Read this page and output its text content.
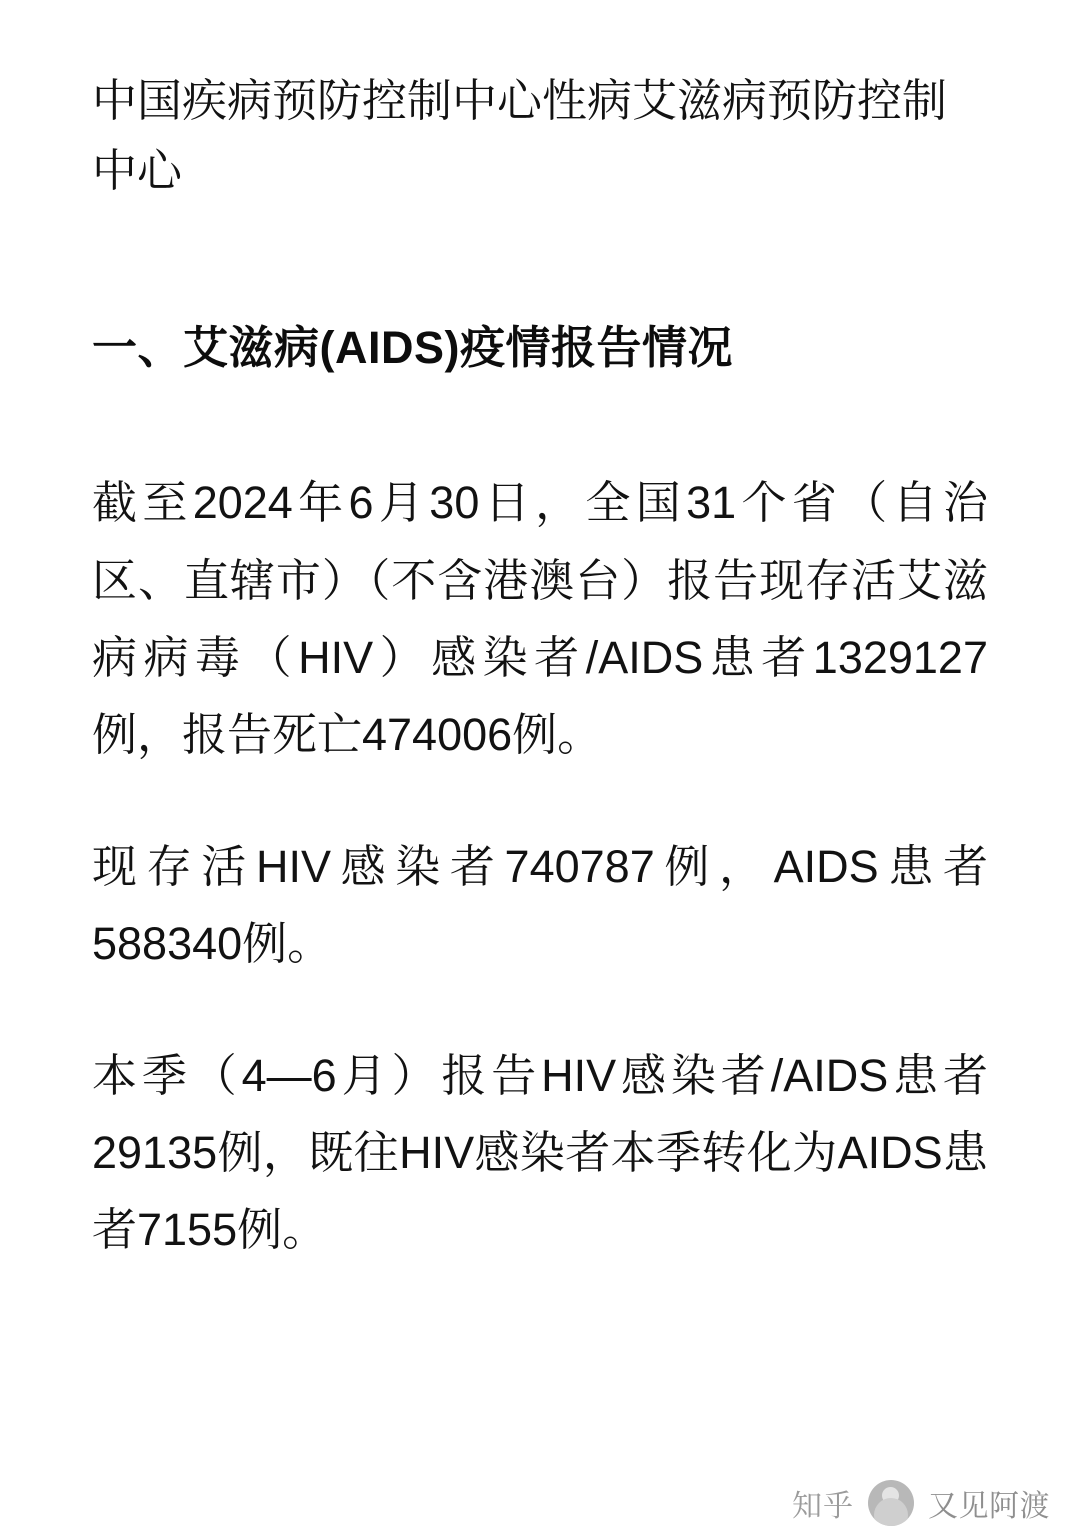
中国疾病预防控制中心性病艾滋病预防控制中心

一、艾滋病(AIDS)疫情报告情况

截至2024年6月30日，全国31个省（自治区、直辖市）（不含港澳台）报告现存活艾滋病病毒（HIV）感染者/AIDS患者1329127例，报告死亡474006例。

现存活HIV感染者740787例，AIDS患者588340例。

本季（4—6月）报告HIV感染者/AIDS患者29135例，既往HIV感染者本季转化为AIDS患者7155例。

知乎 又见阿渡
